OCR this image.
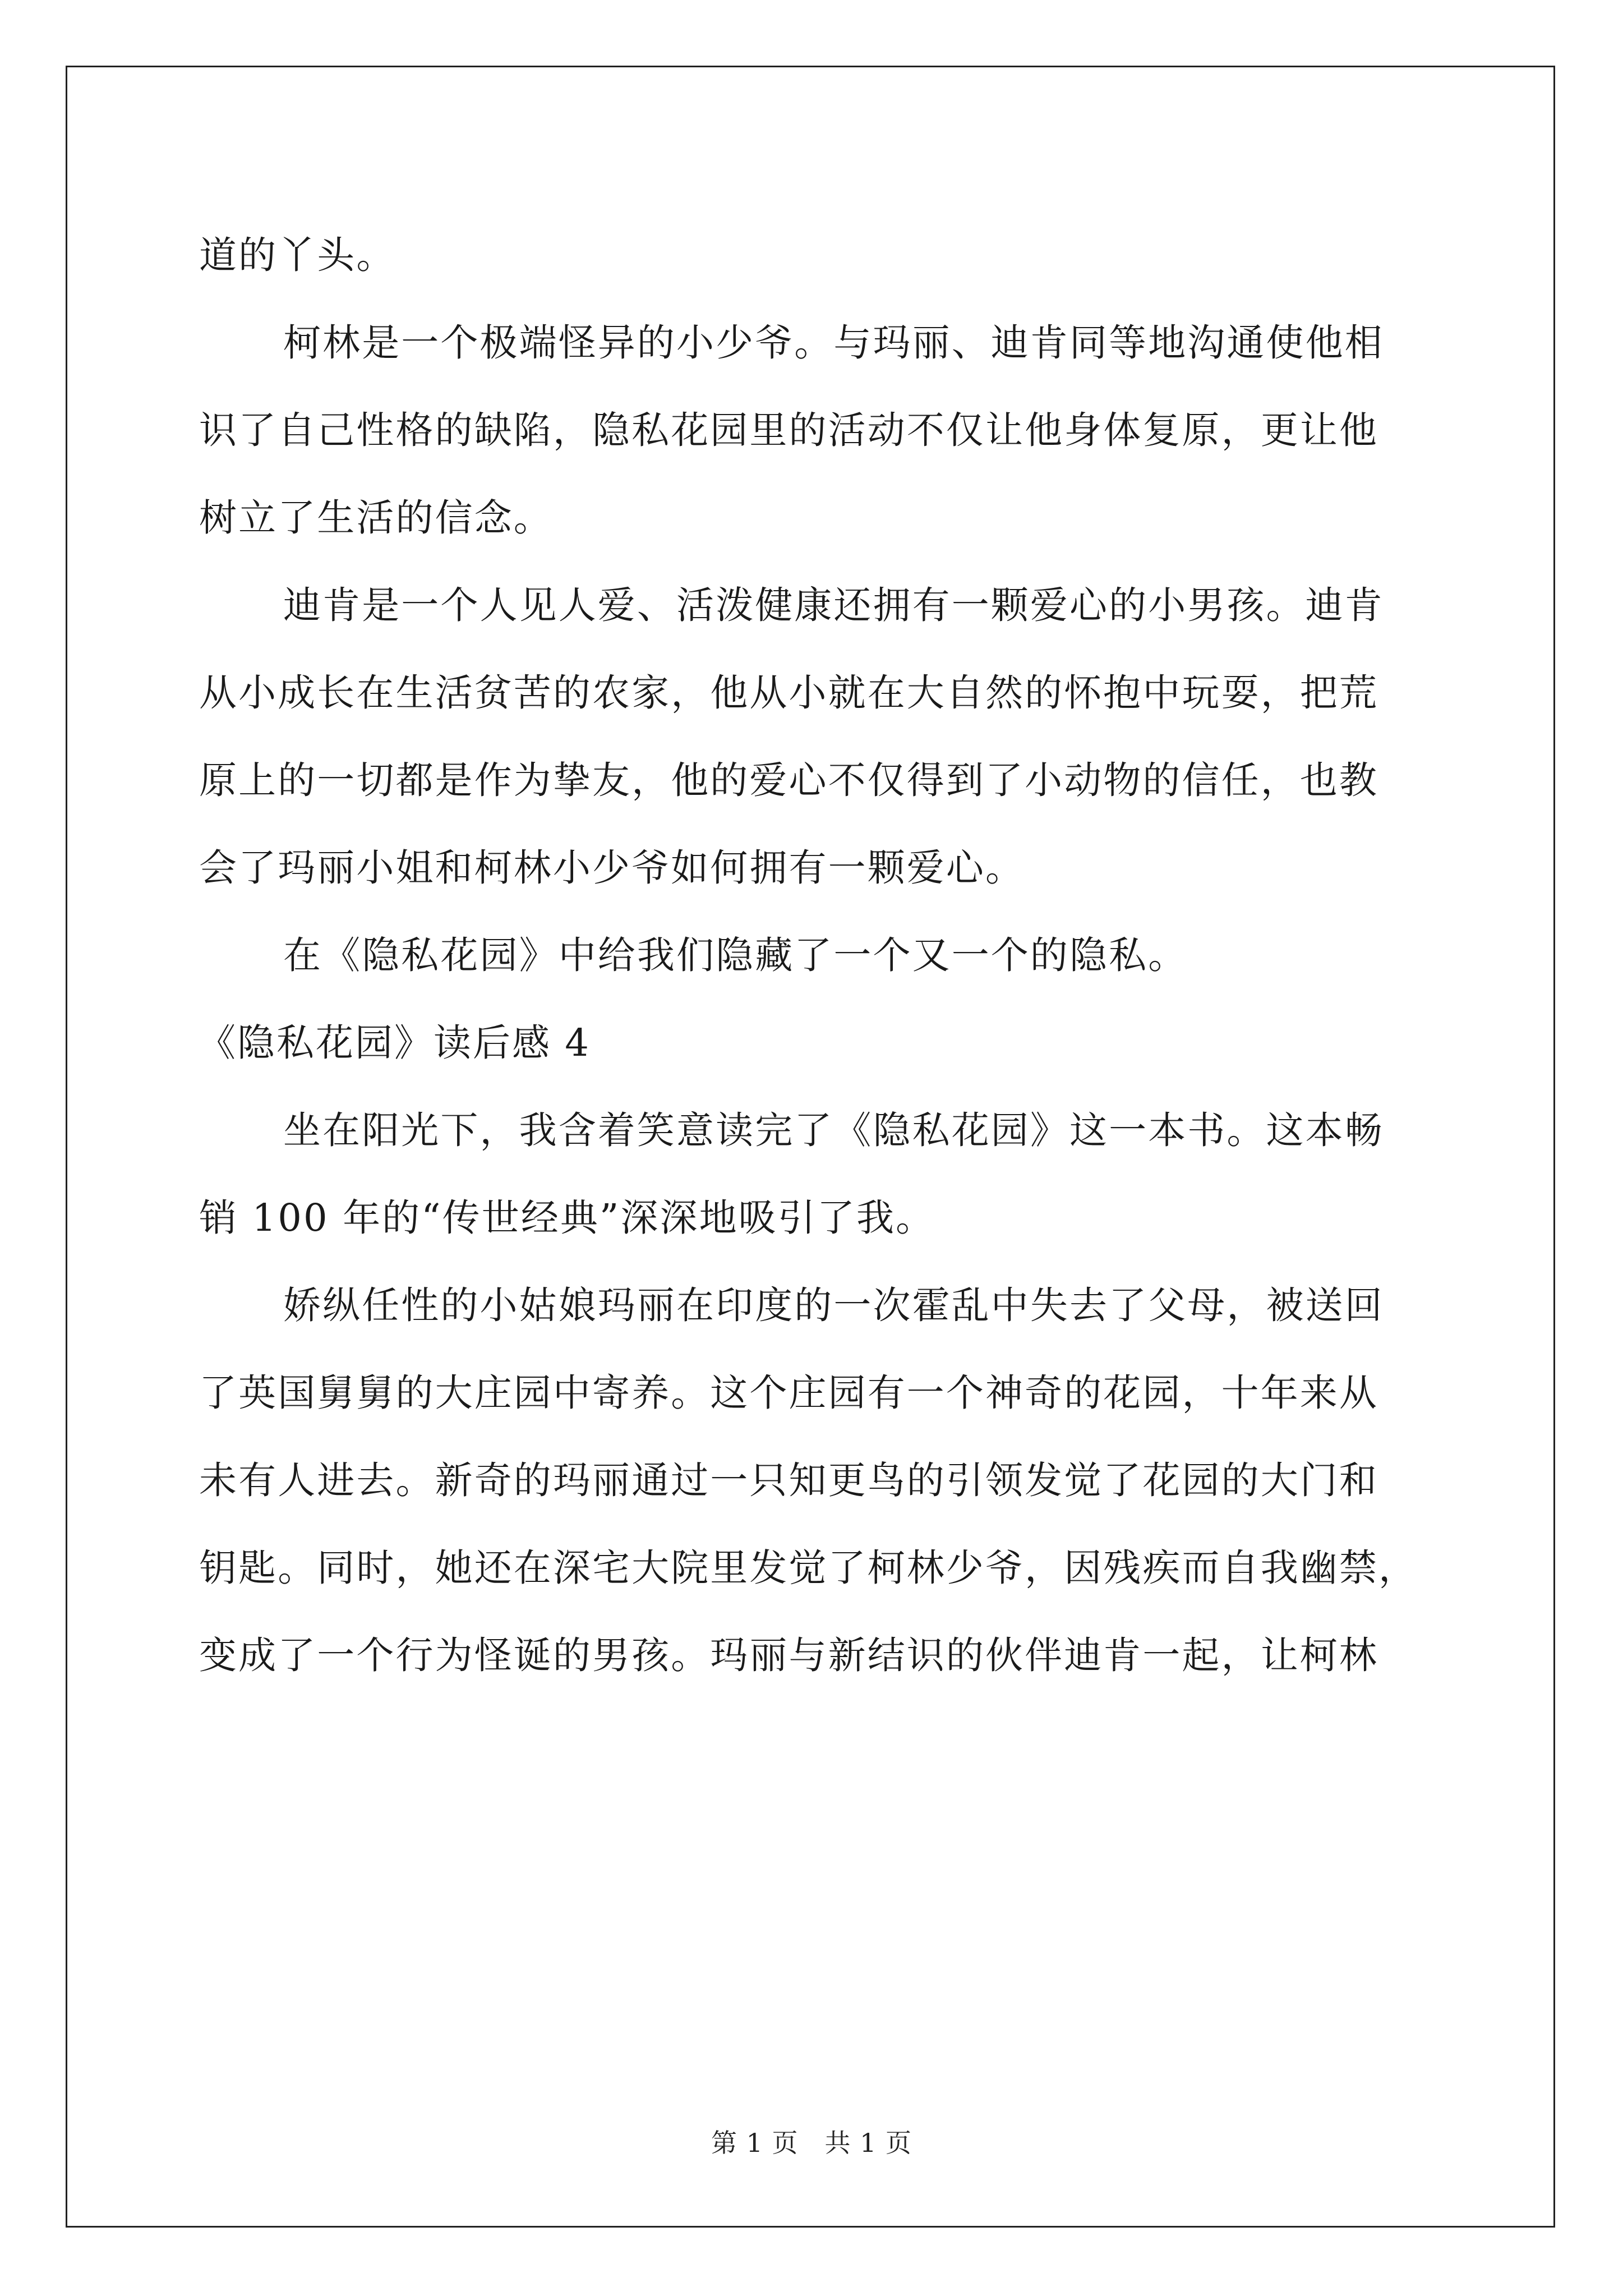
道的丫头。

柯林是一个极端怪异的小少爷。与玛丽、迪肯同等地沟通使他相

识了自己性格的缺陷，隐私花园里的活动不仅让他身体复原，更让他

树立了生活的信念。

迪肯是一个人见人爱、活泼健康还拥有一颗爱心的小男孩。迪肯

从小成长在生活贫苦的农家，他从小就在大自然的怀抱中玩耍，把荒

原上的一切都是作为挚友，他的爱心不仅得到了小动物的信任，也教

会了玛丽小姐和柯林小少爷如何拥有一颗爱心。

在《隐私花园》中给我们隐藏了一个又一个的隐私。

《隐私花园》读后感 4

坐在阳光下，我含着笑意读完了《隐私花园》这一本书。这本畅

销 100 年的“传世经典”深深地吸引了我。

娇纵任性的小姑娘玛丽在印度的一次霍乱中失去了父母，被送回

了英国舅舅的大庄园中寄养。这个庄园有一个神奇的花园，十年来从

未有人进去。新奇的玛丽通过一只知更鸟的引领发觉了花园的大门和

钥匙。同时，她还在深宅大院里发觉了柯林少爷，因残疾而自我幽禁，

变成了一个行为怪诞的男孩。玛丽与新结识的伙伴迪肯一起，让柯林

第 1 页　共 1 页
